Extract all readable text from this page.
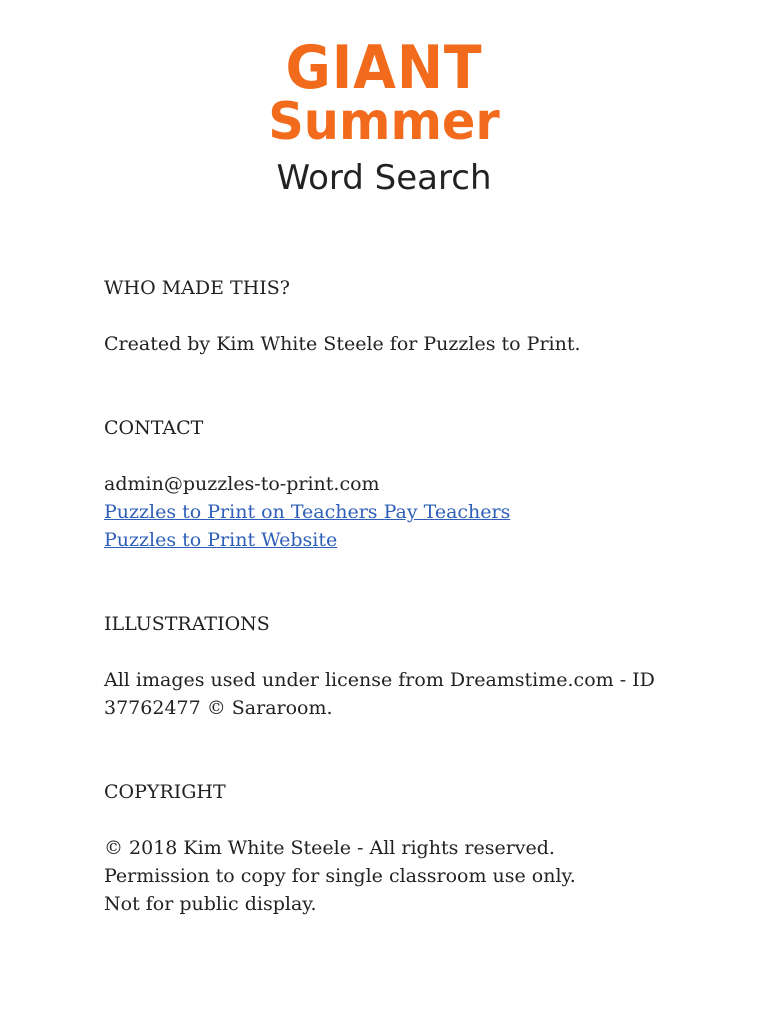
GIANT
Summer
Word Search

WHO MADE THIS?

Created by Kim White Steele for Puzzles to Print.

CONTACT

admin@puzzles-to-print.com

Puzzles to Print on Teachers Pay Teachers
Puzzles to Print Website

ILLUSTRATIONS

All images used under license from Dreamstime.com - ID

37762477 © Sararoom.

COPYRIGHT

© 2018 Kim White Steele - All rights reserved.

Permission to copy for single classroom use only.

Not for public display.
